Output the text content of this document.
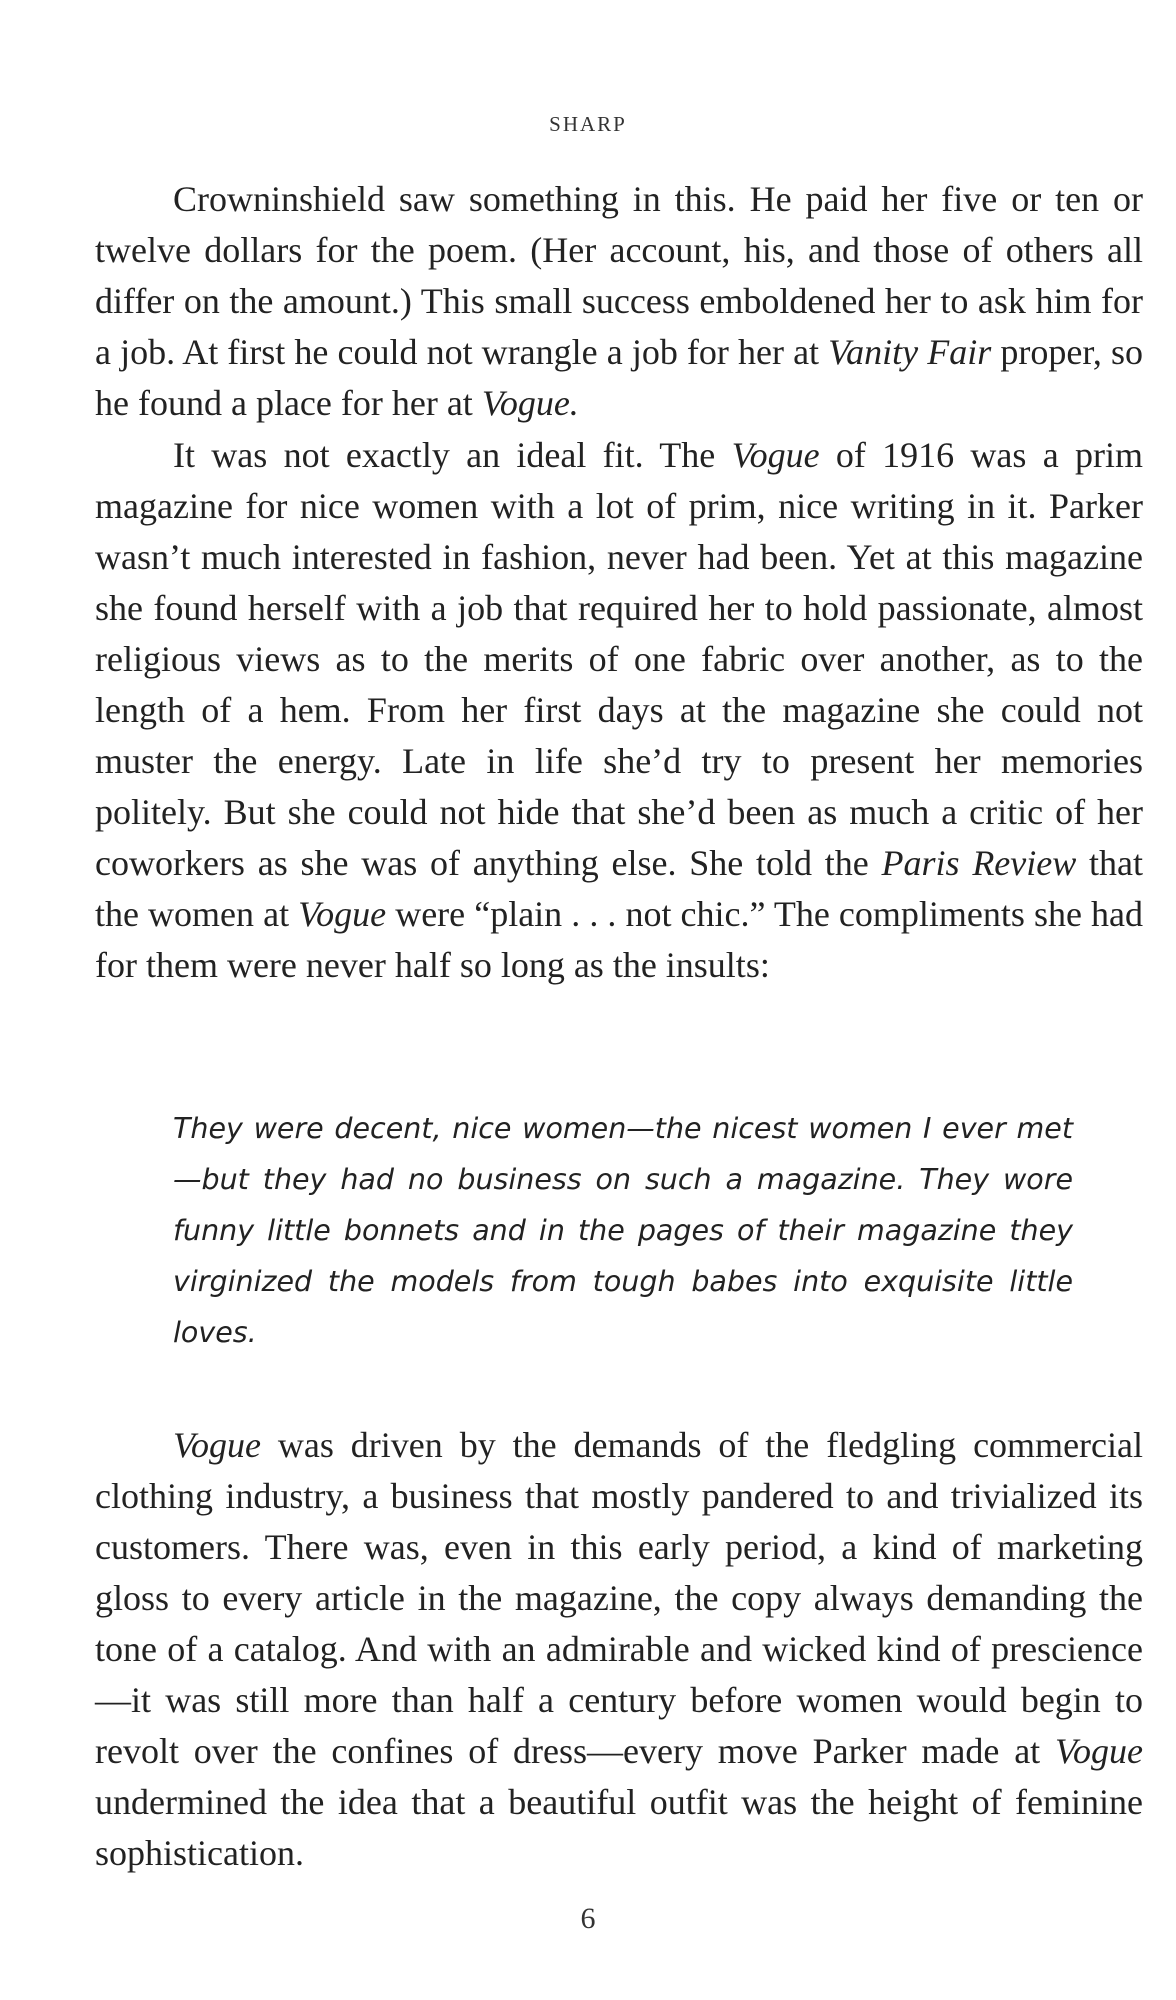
SHARP

Crowninshield saw something in this. He paid her five or ten or twelve dollars for the poem. (Her account, his, and those of others all differ on the amount.) This small success emboldened her to ask him for a job. At first he could not wrangle a job for her at Vanity Fair proper, so he found a place for her at Vogue.

It was not exactly an ideal fit. The Vogue of 1916 was a prim magazine for nice women with a lot of prim, nice writing in it. Parker wasn’t much interested in fashion, never had been. Yet at this magazine she found herself with a job that required her to hold passionate, almost religious views as to the merits of one fabric over another, as to the length of a hem. From her first days at the magazine she could not muster the energy. Late in life she’d try to present her memories politely. But she could not hide that she’d been as much a critic of her coworkers as she was of anything else. She told the Paris Review that the women at Vogue were “plain . . . not chic.” The compliments she had for them were never half so long as the insults:

They were decent, nice women—the nicest women I ever met—but they had no business on such a magazine. They wore funny little bonnets and in the pages of their magazine they virginized the models from tough babes into exquisite little loves.

Vogue was driven by the demands of the fledgling commercial clothing industry, a business that mostly pandered to and trivialized its customers. There was, even in this early period, a kind of marketing gloss to every article in the magazine, the copy always demanding the tone of a catalog. And with an admirable and wicked kind of prescience—it was still more than half a century before women would begin to revolt over the confines of dress—every move Parker made at Vogue undermined the idea that a beautiful outfit was the height of feminine sophistication.

6
